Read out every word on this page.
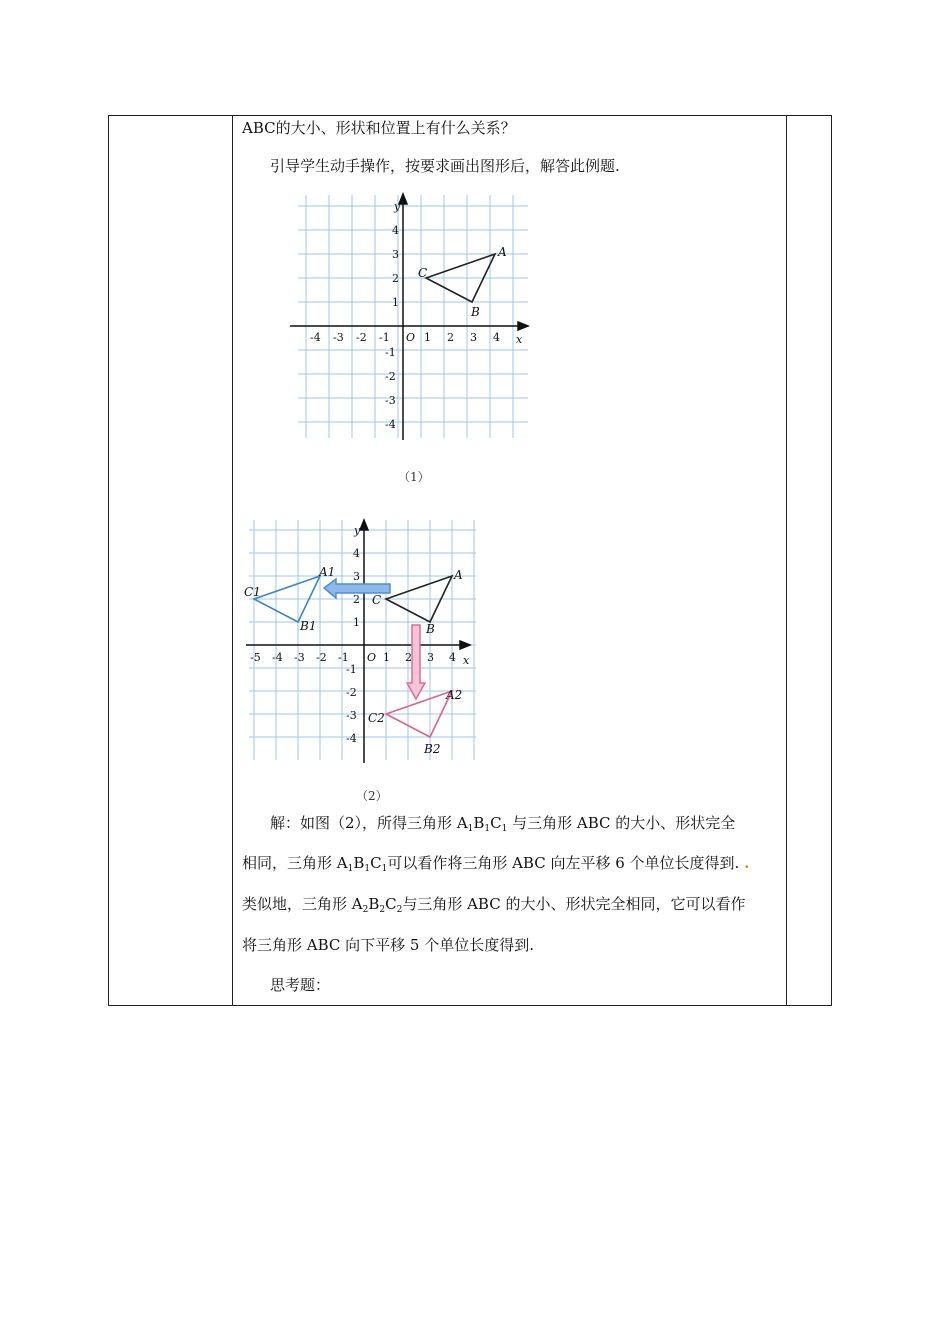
ABC的大小、形状和位置上有什么关系？
引导学生动手操作，按要求画出图形后，解答此例题.
-4 -3 -2 -1	1 2 3 4
O	x
y
4
3
2
1
-1
-2
-3
-4
A
B
C
（1）
-5 -4 -3 -2 -1	1 2 3 4
O	x
y
4
3
2
1
-1
-2
-3
-4
A
B
C
A1
B1
C1
A2
B2
C2
（2）
解：如图（2），所得三角形 $A_1B_1C_1$ 与三角形 ABC 的大小、形状完全
相同，三角形 $A_1B_1C_1$可以看作将三角形 ABC 向左平移 6 个单位长度得到. .
类似地，三角形 $A_2B_2C_2$与三角形 ABC 的大小、形状完全相同，它可以看作
将三角形 ABC 向下平移 5 个单位长度得到.
思考题：
